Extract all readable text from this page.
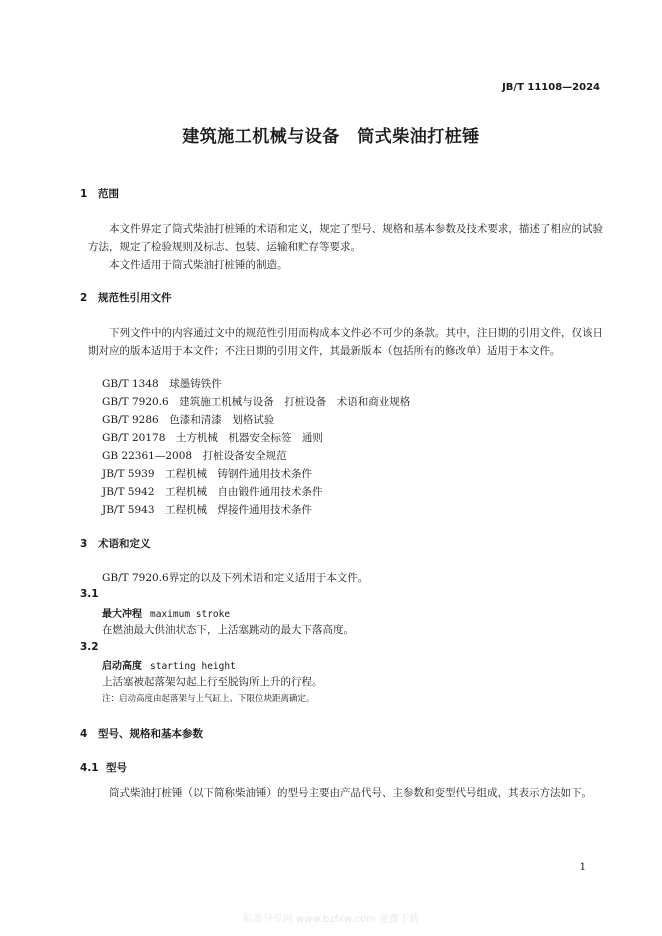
JB/T 11108—2024
建筑施工机械与设备　筒式柴油打桩锤
1 范围
本文件界定了筒式柴油打桩锤的术语和定义，规定了型号、规格和基本参数及技术要求，描述了相应的试验方法，规定了检验规则及标志、包装、运输和贮存等要求。
本文件适用于筒式柴油打桩锤的制造。
2 规范性引用文件
下列文件中的内容通过文中的规范性引用而构成本文件必不可少的条款。其中，注日期的引用文件，仅该日期对应的版本适用于本文件；不注日期的引用文件，其最新版本（包括所有的修改单）适用于本文件。
GB/T 1348　球墨铸铁件
GB/T 7920.6　建筑施工机械与设备　打桩设备　术语和商业规格
GB/T 9286　色漆和清漆　划格试验
GB/T 20178　土方机械　机器安全标签　通则
GB 22361—2008　打桩设备安全规范
JB/T 5939　工程机械　铸钢件通用技术条件
JB/T 5942　工程机械　自由锻件通用技术条件
JB/T 5943　工程机械　焊接件通用技术条件
3 术语和定义
GB/T 7920.6界定的以及下列术语和定义适用于本文件。
3.1
最大冲程 maximum stroke
在燃油最大供油状态下，上活塞跳动的最大下落高度。
3.2
启动高度 starting height
上活塞被起落架勾起上行至脱钩所上升的行程。
注：启动高度由起落架与上气缸上、下限位块距离确定。
4 型号、规格和基本参数
4.1 型号
筒式柴油打桩锤（以下简称柴油锤）的型号主要由产品代号、主参数和变型代号组成，其表示方法如下。
1
标准分享网 www.bzfxw.com 免费下载
